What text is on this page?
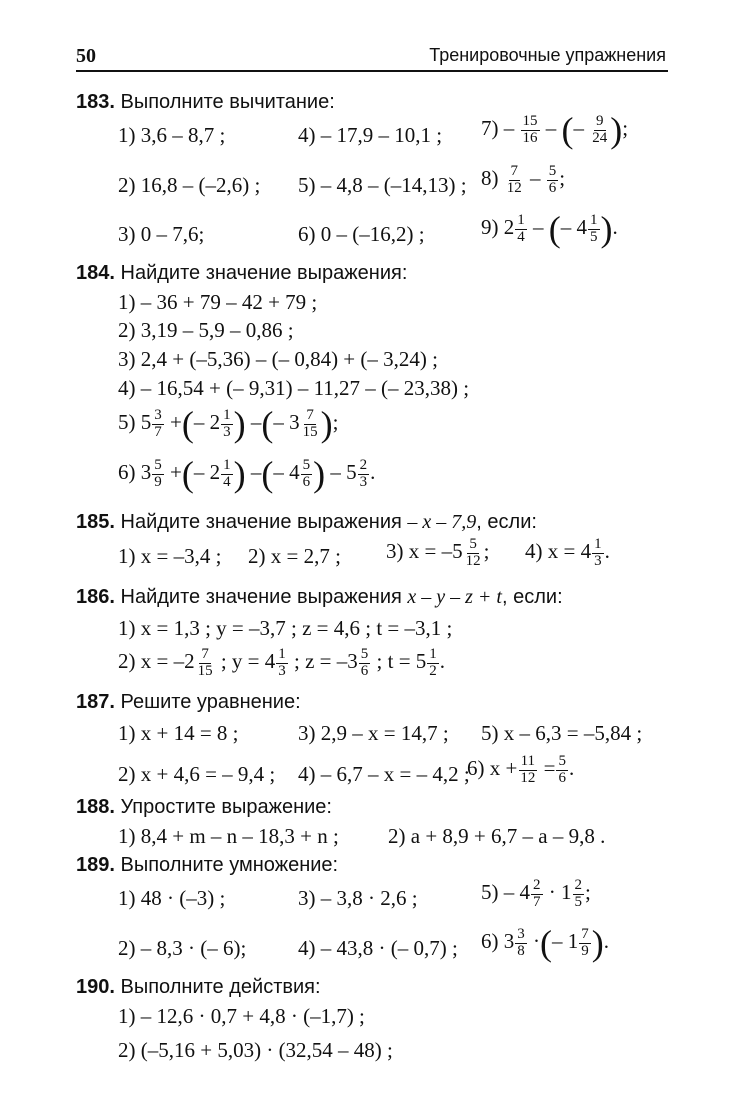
50	Тренировочные упражнения
183. Выполните вычитание:
1) 3,6 – 8,7 ;	4) – 17,9 – 10,1 ; $7) - \frac{15}{16}$ – (– $\frac{9}{24}$ );
2) 16,8 – (–2,6) ; 5) – 4,8 – (–14,13) ; $8) \frac{7}{12} - \frac{5}{6}$ ;
3) 0 – 7,6;	6) 0 – (–16,2) ;	9) $2 \frac{1}{4}$ – (– $4 \frac{1}{5}$ ).
184. Найдите значение выражения:
1) – 36 + 79 – 42 + 79 ;
2) 3,19 – 5,9 – 0,86 ;
3) 2,4 + (–5,36) – (– 0,84) + (– 3,24) ;
4) – 16,54 + (– 9,31) – 11,27 – (– 23,38) ;
5) $5 \frac{3}{7}$ +(– $2 \frac{1}{3}$ ) –(– $3 \frac{7}{15}$ );
6) $3 \frac{5}{9}$ +(– $2 \frac{1}{4}$ ) –(– $4 \frac{5}{6}$ ) – $5 \frac{2}{3}$ .
185. Найдите значение выражения – x – 7,9, если:
1) x = –3,4 ; 2) x = 2,7 ; 3) $x = -5 \frac{5}{12}$ ; 4) $x = 4 \frac{1}{3}$ .
186. Найдите значение выражения x – y – z + t, если:
1) x = 1,3 ; y = –3,7 ; z = 4,6 ; t = –3,1 ;
2) $x = -2 \frac{7}{15}$ ; $y = 4 \frac{1}{3}$ ; $z = -3 \frac{5}{6}$ ; $t = 5 \frac{1}{2}$ .
187. Решите уравнение:
1) x + 14 = 8 ;	3) 2,9 – x = 14,7 ; 5) x – 6,3 = –5,84 ;
2) x + 4,6 = – 9,4 ; 4) – 6,7 – x = – 4,2 ;
6) $x + \frac{11}{12} = \frac{5}{6}$ .
188. Упростите выражение:
1) 8,4 + m – n – 18,3 + n ; 2) a + 8,9 + 6,7 – a – 9,8 .
189. Выполните умножение:
1) 48 · (–3) ;	3) – 3,8 · 2,6 ;	$5) - 4 \frac{2}{7} \cdot 1 \frac{2}{5}$ ;
2) – 8,3 · (– 6); 4) – 43,8 · (– 0,7) ; 6) $3 \frac{3}{8}$ ·(– $1 \frac{7}{9}$ ).
190. Выполните действия:
1) – 12,6 · 0,7 + 4,8 · (–1,7) ;
2) (–5,16 + 5,03) · (32,54 – 48) ;
